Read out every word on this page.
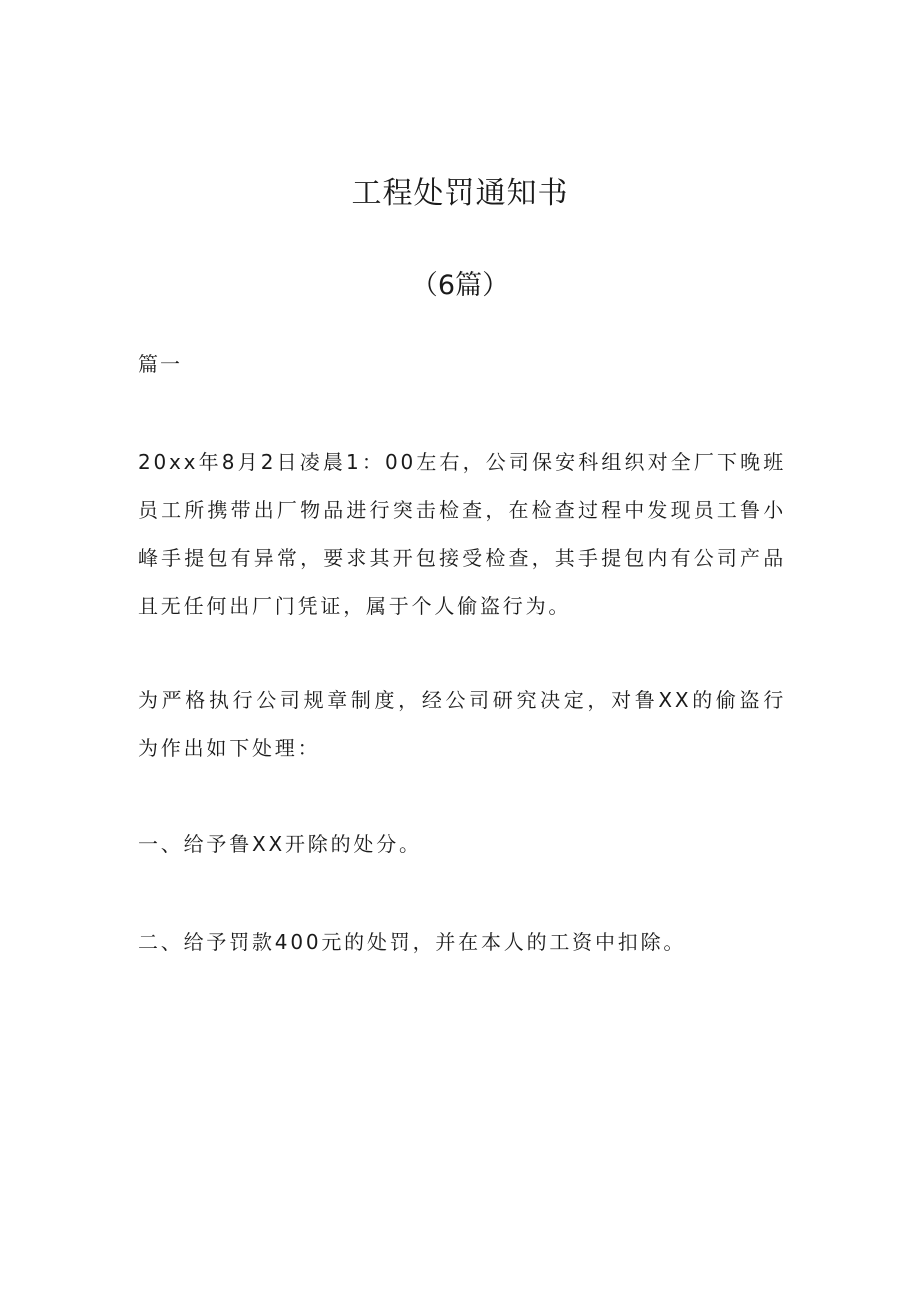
工程处罚通知书
（6篇）
篇一

20xx年8月2日凌晨1：00左右，公司保安科组织对全厂下晚班员工所携带出厂物品进行突击检查，在检查过程中发现员工鲁小峰手提包有异常，要求其开包接受检查，其手提包内有公司产品且无任何出厂门凭证，属于个人偷盗行为。

为严格执行公司规章制度，经公司研究决定，对鲁XX的偷盗行为作出如下处理：

一、给予鲁XX开除的处分。

二、给予罚款400元的处罚，并在本人的工资中扣除。
